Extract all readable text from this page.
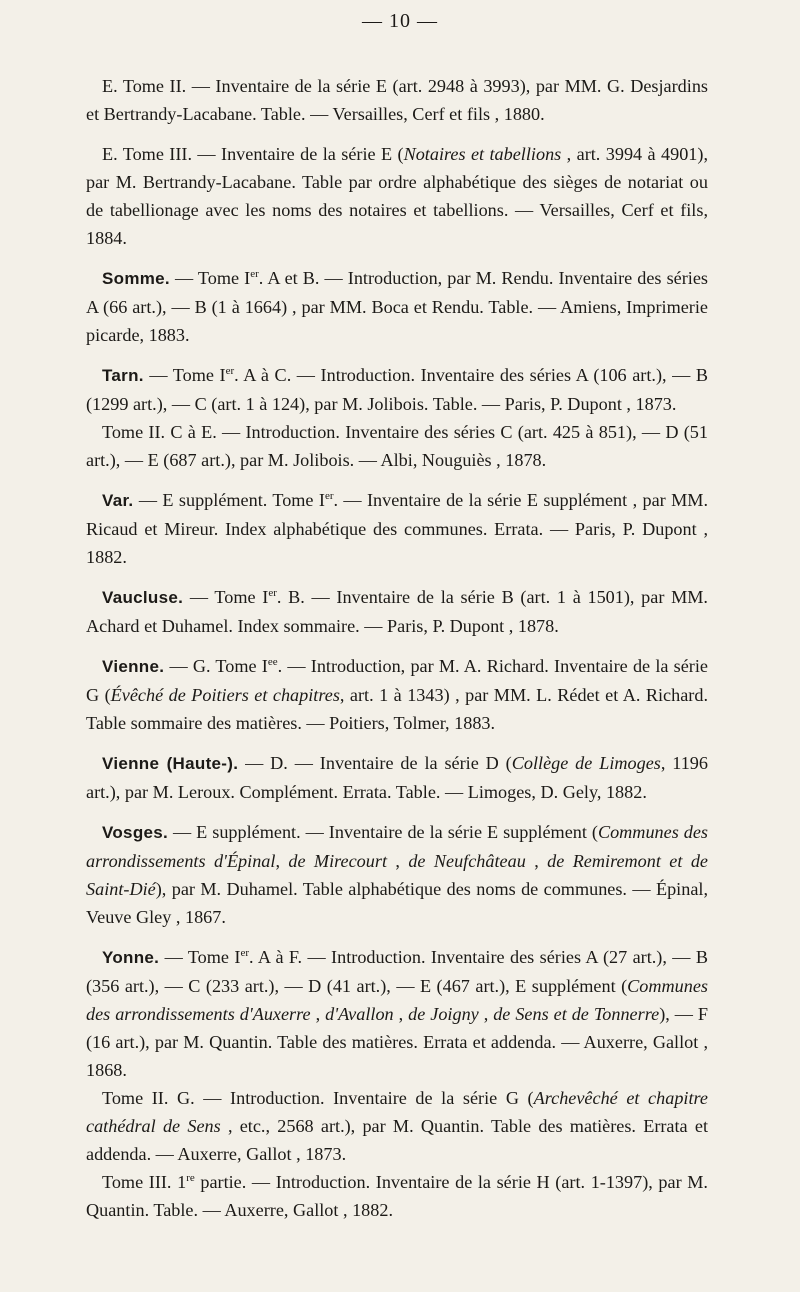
— 10 —

E. Tome II. — Inventaire de la série E (art. 2948 à 3993), par MM. G. Desjardins et Bertrandy-Lacabane. Table. — Versailles, Cerf et fils , 1880.

E. Tome III. — Inventaire de la série E (Notaires et tabellions , art. 3994 à 4901), par M. Bertrandy-Lacabane. Table par ordre alphabétique des sièges de notariat ou de tabellionage avec les noms des notaires et tabellions. — Versailles, Cerf et fils, 1884.

Somme. — Tome Ier. A et B. — Introduction, par M. Rendu. Inventaire des séries A (66 art.), — B (1 à 1664) , par MM. Boca et Rendu. Table. — Amiens, Imprimerie picarde, 1883.

Tarn. — Tome Ier. A à C. — Introduction. Inventaire des séries A (106 art.), — B (1299 art.), — C (art. 1 à 124), par M. Jolibois. Table. — Paris, P. Dupont , 1873.

Tome II. C à E. — Introduction. Inventaire des séries C (art. 425 à 851), — D (51 art.), — E (687 art.), par M. Jolibois. — Albi, Nouguiès , 1878.

Var. — E supplément. Tome Ier. — Inventaire de la série E supplément , par MM. Ricaud et Mireur. Index alphabétique des communes. Errata. — Paris, P. Dupont , 1882.

Vaucluse. — Tome Ier. B. — Inventaire de la série B (art. 1 à 1501), par MM. Achard et Duhamel. Index sommaire. — Paris, P. Dupont , 1878.

Vienne. — G. Tome $I^{ee}$. — Introduction, par M. A. Richard. Inventaire de la série G (Évêché de Poitiers et chapitres, art. 1 à 1343) , par MM. L. Rédet et A. Richard. Table sommaire des matières. — Poitiers, Tolmer, 1883.

Vienne (Haute-). — D. — Inventaire de la série D (Collège de Limoges, 1196 art.), par M. Leroux. Complément. Errata. Table. — Limoges, D. Gely, 1882.

Vosges. — E supplément. — Inventaire de la série E supplément (Communes des arrondissements d'Épinal, de Mirecourt , de Neufchâteau , de Remiremont et de Saint-Dié), par M. Duhamel. Table alphabétique des noms de communes. — Épinal, Veuve Gley , 1867.

Yonne. — Tome Ier. A à F. — Introduction. Inventaire des séries A (27 art.), — B (356 art.), — C (233 art.), — D (41 art.), — E (467 art.), E supplément (Communes des arrondissements d'Auxerre , d'Avallon , de Joigny , de Sens et de Tonnerre), — F (16 art.), par M. Quantin. Table des matières. Errata et addenda. — Auxerre, Gallot , 1868.

Tome II. G. — Introduction. Inventaire de la série G (Archevêché et chapitre cathédral de Sens , etc., 2568 art.), par M. Quantin. Table des matières. Errata et addenda. — Auxerre, Gallot , 1873.

Tome III. 1re partie. — Introduction. Inventaire de la série H (art. 1-1397), par M. Quantin. Table. — Auxerre, Gallot , 1882.
